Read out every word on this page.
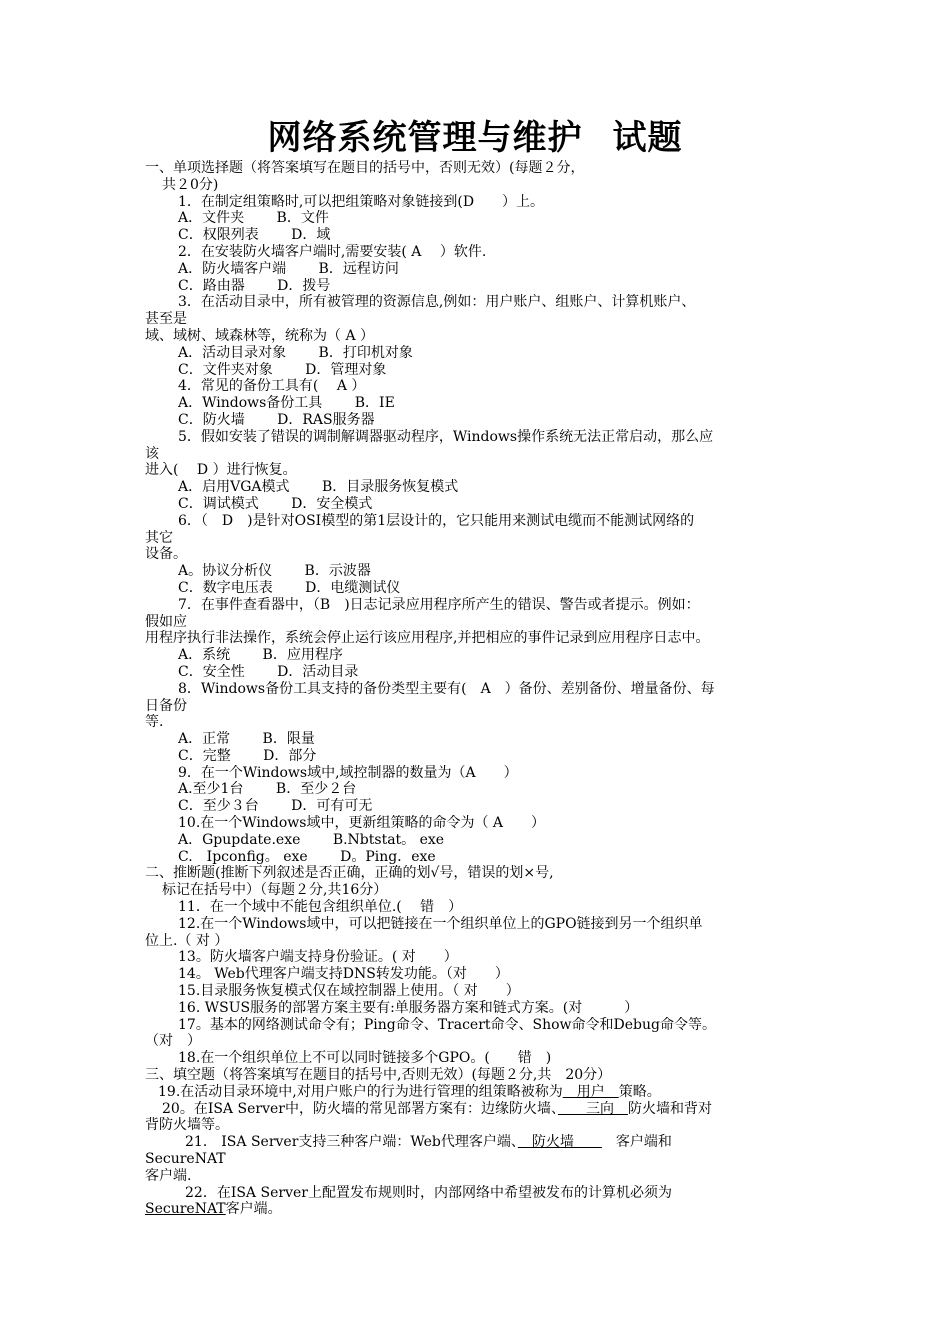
网络系统管理与维护 试题
一、单项选择题（将答案填写在题目的括号中，否则无效）(每题２分，
共２0分)
1．在制定组策略时,可以把组策略对象链接到(D　　）上。
A．文件夹　　 B．文件
C．权限列表　　 D．域
2．在安装防火墙客户端时,需要安装( A　 ）软件.
A．防火墙客户端　　 B．远程访问
C．路由器　　 D．拨号
3．在活动目录中，所有被管理的资源信息,例如：用户账户、组账户、计算机账户、
甚至是
域、域树、域森林等，统称为（ A ）
A．活动目录对象　　 B．打印机对象
C．文件夹对象　　 D．管理对象
4．常见的备份工具有(　 A ）
A．Windows备份工具　　 B．IE
C．防火墙　　 D．RAS服务器
5．假如安装了错误的调制解调器驱动程序，Windows操作系统无法正常启动，那么应
该
进入(　 D ）进行恢复。
A．启用VGA模式　　 B．目录服务恢复模式
C．调试模式　　 D．安全模式
6．（　D　)是针对OSI模型的第1层设计的，它只能用来测试电缆而不能测试网络的
其它
设备。
A。协议分析仪　　 B．示波器
C．数字电压表　　 D．电缆测试仪
7．在事件查看器中，（B　)日志记录应用程序所产生的错误、警告或者提示。例如：
假如应
用程序执行非法操作，系统会停止运行该应用程序,并把相应的事件记录到应用程序日志中。
A．系统　　 B．应用程序
C．安全性　　 D．活动目录
8．Windows备份工具支持的备份类型主要有(　A　）备份、差别备份、增量备份、每
日备份
等.
A．正常　　 B．限量
C．完整　　 D．部分
9．在一个Windows域中,域控制器的数量为（A　　）
A.至少1台　　 B．至少２台
C．至少３台　　 D．可有可无
10.在一个Windows域中，更新组策略的命令为（ A　　）
A．Gpupdate.exe　　 B.Nbtstat。 exe
C.　Ipconfig。 exe　　 D。Ping．exe
二、推断题(推断下列叙述是否正确，正确的划√号，错误的划×号,
标记在括号中）（每题２分,共16分）
11．在一个域中不能包含组织单位.(　 错　）
12.在一个Windows域中，可以把链接在一个组织单位上的GPO链接到另一个组织单
位上.（ 对 ）
13。防火墙客户端支持身份验证。( 对　　）
14。 Web代理客户端支持DNS转发功能。（对　　）
15.目录服务恢复模式仅在域控制器上使用。（ 对　　）
16. WSUS服务的部署方案主要有:单服务器方案和链式方案。(对　　　）
17。基本的网络测试命令有；Ping命令、Tracert命令、Show命令和Debug命令等。
（对　）
18.在一个组织单位上不可以同时链接多个GPO。(　　错　)
三、填空题（将答案填写在题目的括号中,否则无效）(每题２分,共　20分）
19.在活动目录环境中,对用户账户的行为进行管理的组策略被称为　用户　策略。
20。在ISA Server中，防火墙的常见部署方案有：边缘防火墙、　　三向　防火墙和背对
背防火墙等。
21． ISA Server支持三种客户端：Web代理客户端、　防火墙　　　客户端和
SecureNAT
客户端.
22．在ISA Server上配置发布规则时，内部网络中希望被发布的计算机必须为
SecureNAT客户端。
